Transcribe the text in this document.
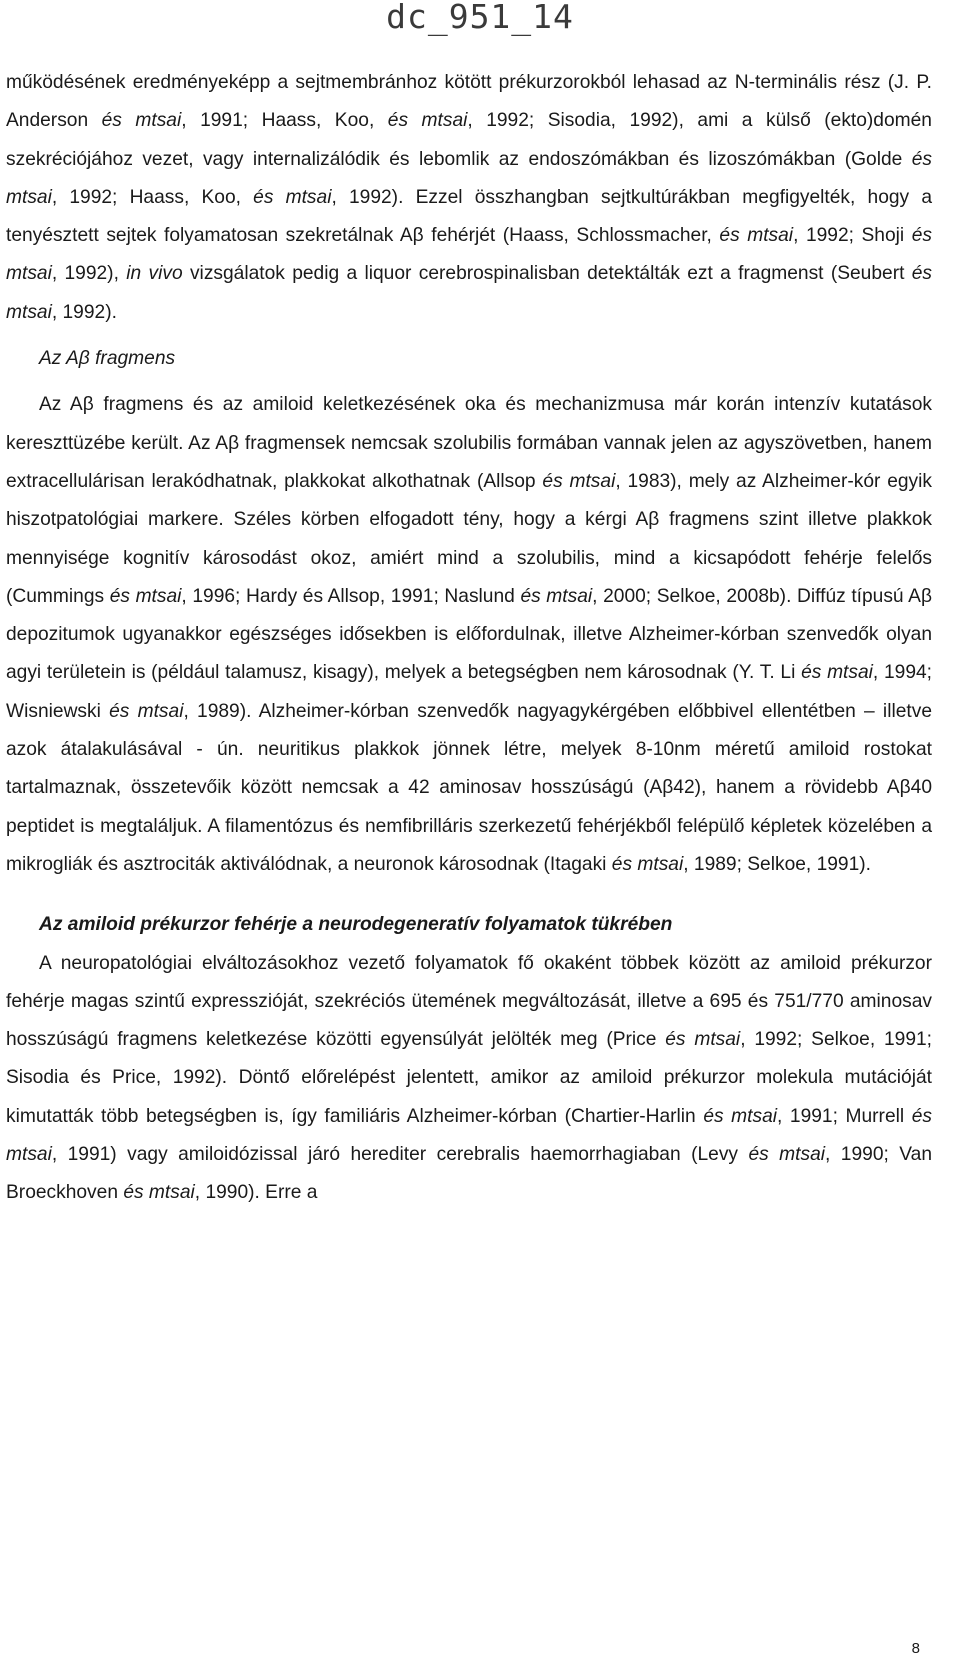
dc_951_14

működésének eredményeképp a sejtmembránhoz kötött prékurzorokból lehasad az N-terminális rész (J. P. Anderson és mtsai, 1991; Haass, Koo, és mtsai, 1992; Sisodia, 1992), ami a külső (ekto)domén szekréciójához vezet, vagy internalizálódik és lebomlik az endoszómákban és lizoszómákban (Golde és mtsai, 1992; Haass, Koo, és mtsai, 1992). Ezzel összhangban sejtkultúrákban megfigyelték, hogy a tenyésztett sejtek folyamatosan szekretálnak Aβ fehérjét (Haass, Schlossmacher, és mtsai, 1992; Shoji és mtsai, 1992), in vivo vizsgálatok pedig a liquor cerebrospinalisban detektálták ezt a fragmenst (Seubert és mtsai, 1992).

Az Aβ fragmens

Az Aβ fragmens és az amiloid keletkezésének oka és mechanizmusa már korán intenzív kutatások kereszttüzébe került. Az Aβ fragmensek nemcsak szolubilis formában vannak jelen az agyszövetben, hanem extracellulárisan lerakódhatnak, plakkokat alkothatnak (Allsop és mtsai, 1983), mely az Alzheimer-kór egyik hiszotpatológiai markere. Széles körben elfogadott tény, hogy a kérgi Aβ fragmens szint illetve plakkok mennyisége kognitív károsodást okoz, amiért mind a szolubilis, mind a kicsapódott fehérje felelős (Cummings és mtsai, 1996; Hardy és Allsop, 1991; Naslund és mtsai, 2000; Selkoe, 2008b). Diffúz típusú Aβ depozitumok ugyanakkor egészséges idősekben is előfordulnak, illetve Alzheimer-kórban szenvedők olyan agyi területein is (például talamusz, kisagy), melyek a betegségben nem károsodnak (Y. T. Li és mtsai, 1994; Wisniewski és mtsai, 1989). Alzheimer-kórban szenvedők nagyagykérgében előbbivel ellentétben – illetve azok átalakulásával - ún. neuritikus plakkok jönnek létre, melyek 8-10nm méretű amiloid rostokat tartalmaznak, összetevőik között nemcsak a 42 aminosav hosszúságú (Aβ42), hanem a rövidebb Aβ40 peptidet is megtaláljuk. A filamentózus és nemfibrilláris szerkezetű fehérjékből felépülő képletek közelében a mikrogliák és asztrociták aktiválódnak, a neuronok károsodnak (Itagaki és mtsai, 1989; Selkoe, 1991).

Az amiloid prékurzor fehérje a neurodegeneratív folyamatok tükrében

A neuropatológiai elváltozásokhoz vezető folyamatok fő okaként többek között az amiloid prékurzor fehérje magas szintű expresszióját, szekréciós ütemének megváltozását, illetve a 695 és 751/770 aminosav hosszúságú fragmens keletkezése közötti egyensúlyát jelölték meg (Price és mtsai, 1992; Selkoe, 1991; Sisodia és Price, 1992). Döntő előrelépést jelentett, amikor az amiloid prékurzor molekula mutációját kimutatták több betegségben is, így familiáris Alzheimer-kórban (Chartier-Harlin és mtsai, 1991; Murrell és mtsai, 1991) vagy amiloidózissal járó herediter cerebralis haemorrhagiaban (Levy és mtsai, 1990; Van Broeckhoven és mtsai, 1990). Erre a

8
